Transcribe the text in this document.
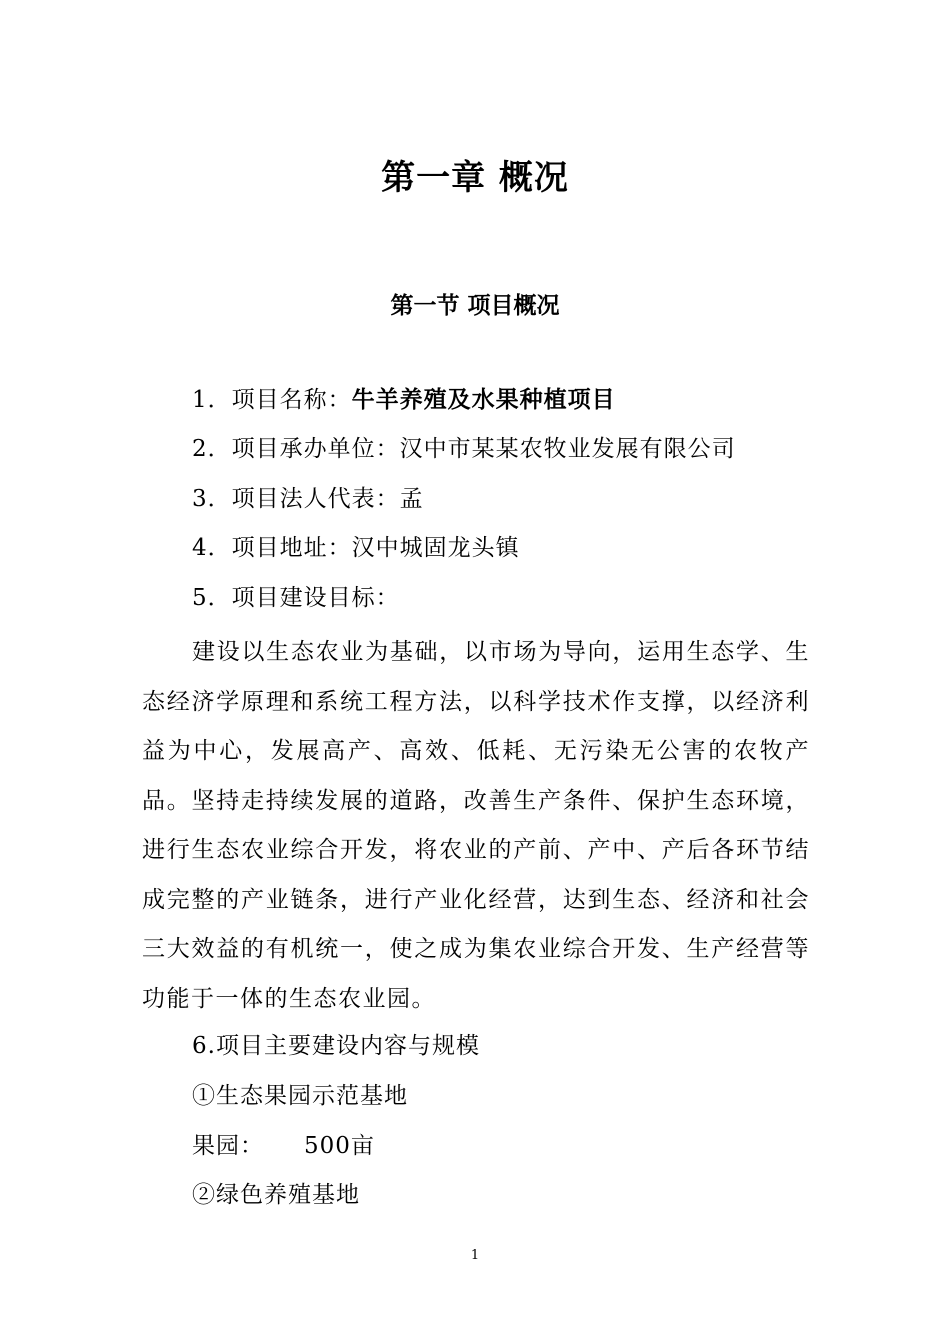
第一章 概况
第一节 项目概况
1．项目名称：牛羊养殖及水果种植项目
2．项目承办单位：汉中市某某农牧业发展有限公司
3．项目法人代表：孟
4．项目地址：汉中城固龙头镇
5．项目建设目标：
建设以生态农业为基础，以市场为导向，运用生态学、生态经济学原理和系统工程方法，以科学技术作支撑，以经济利益为中心，发展高产、高效、低耗、无污染无公害的农牧产品。坚持走持续发展的道路，改善生产条件、保护生态环境，进行生态农业综合开发，将农业的产前、产中、产后各环节结成完整的产业链条，进行产业化经营，达到生态、经济和社会三大效益的有机统一，使之成为集农业综合开发、生产经营等功能于一体的生态农业园。
6.项目主要建设内容与规模
①生态果园示范基地
果园： 500亩
②绿色养殖基地
1
